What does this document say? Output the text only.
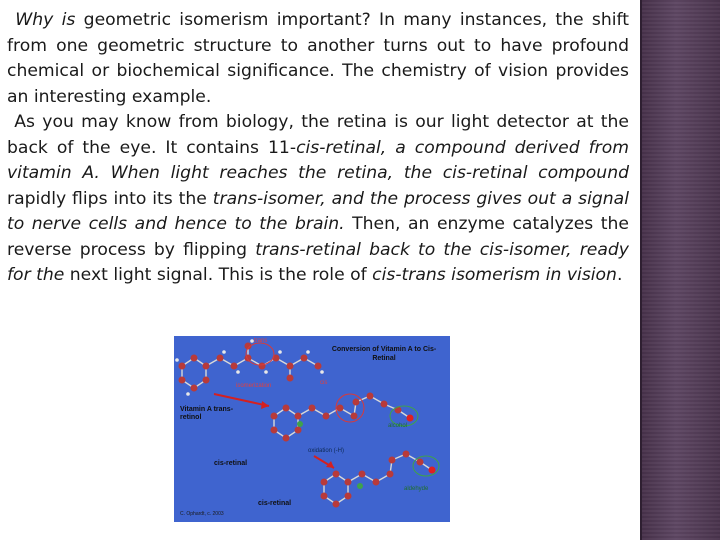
Why is geometric isomerism important? In many instances, the shift from one geometric structure to another turns out to have profound chemical or biochemical significance. The chemistry of vision provides an interesting example.

As you may know from biology, the retina is our light detector at the back of the eye. It contains 11-cis-retinal, a compound derived from vitamin A. When light reaches the retina, the cis-retinal compound rapidly flips into its the trans-isomer, and the process gives out a signal to nerve cells and hence to the brain. Then, an enzyme catalyzes the reverse process by flipping trans-retinal back to the cis-isomer, ready for the next light signal. This is the role of cis-trans isomerism in vision.

Conversion of Vitamin A to Cis-Retinal
trans
isomerization	cis
Vitamin A trans-retinol
alcohol
oxidation (-H)
cis-retinal
aldehyde
cis-retinal
C. Ophardt, c. 2003
